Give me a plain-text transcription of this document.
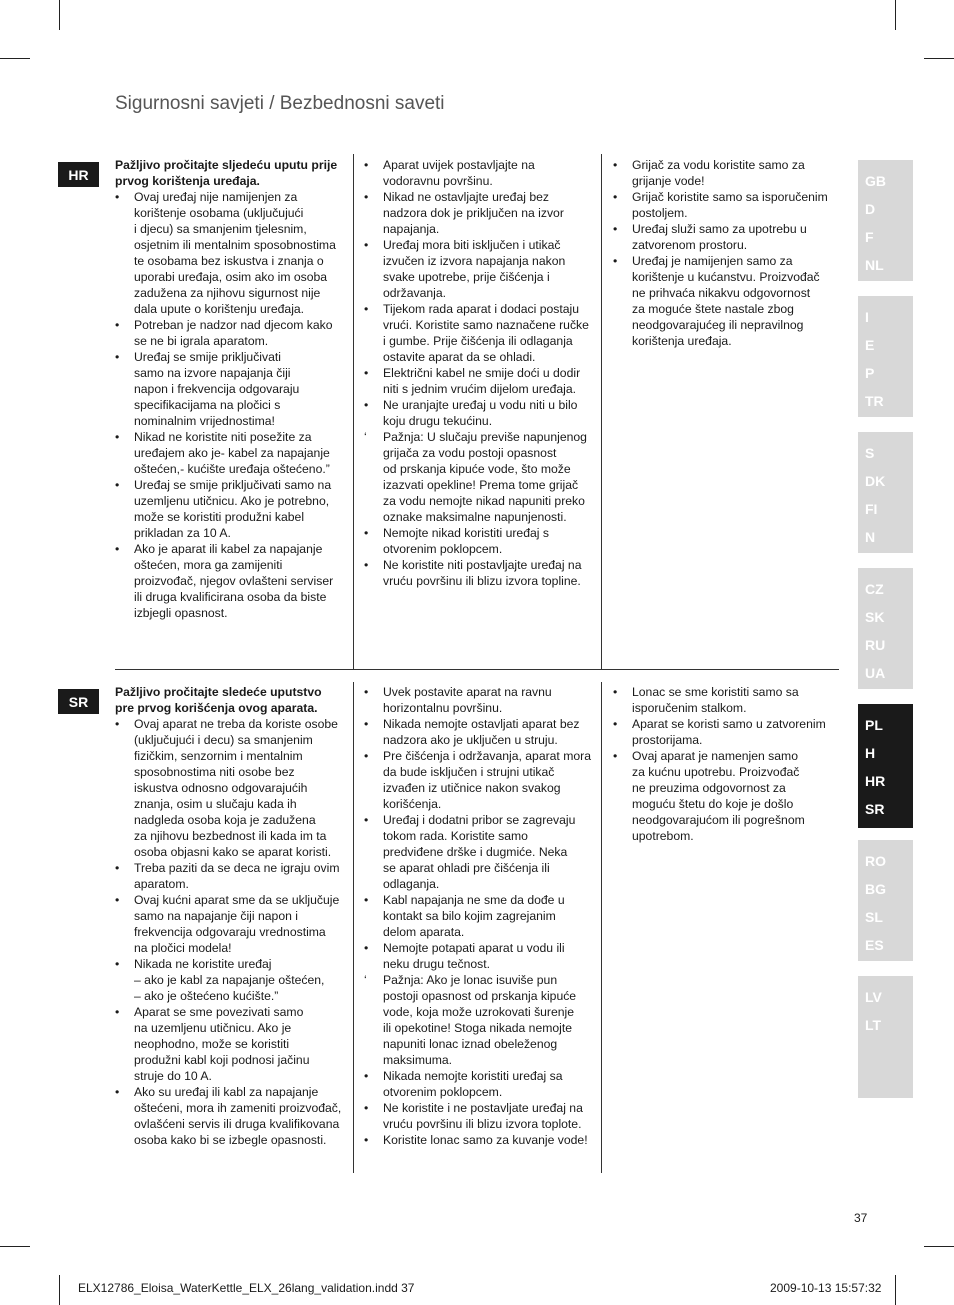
Sigurnosni savjeti / Bezbednosni saveti
HR

Pažljivo pročitajte sljedeću uputu prije
prvog korištenja uređaja.

• Ovaj uređaj nije namijenjen za
korištenje osobama (uključujući
i djecu) sa smanjenim tjelesnim,
osjetnim ili mentalnim sposobnostima
te osobama bez iskustva i znanja o
uporabi uređaja, osim ako im osoba
zadužena za njihovu sigurnost nije
dala upute o korištenju uređaja.
• Potreban je nadzor nad djecom kako
se ne bi igrala aparatom.
• Uređaj se smije priključivati
samo na izvore napajanja čiji
napon i frekvencija odgovaraju
specifikacijama na pločici s
nominalnim vrijednostima!
• Nikad ne koristite niti posežite za
uređajem ako je- kabel za napajanje
oštećen,- kućište uređaja oštećeno.”
• Uređaj se smije priključivati samo na
uzemljenu utičnicu. Ako je potrebno,
može se koristiti produžni kabel
prikladan za 10 A.
• Ako je aparat ili kabel za napajanje
oštećen, mora ga zamijeniti
proizvođač, njegov ovlašteni serviser
ili druga kvalificirana osoba da biste
izbjegli opasnost.
• Aparat uvijek postavljajte na
vodoravnu površinu.
• Nikad ne ostavljajte uređaj bez
nadzora dok je priključen na izvor
napajanja.
• Uređaj mora biti isključen i utikač
izvučen iz izvora napajanja nakon
svake upotrebe, prije čišćenja i
održavanja.
• Tijekom rada aparat i dodaci postaju
vrući. Koristite samo naznačene ručke
i gumbe. Prije čišćenja ili odlaganja
ostavite aparat da se ohladi.
• Električni kabel ne smije doći u dodir
niti s jednim vrućim dijelom uređaja.
• Ne uranjajte uređaj u vodu niti u bilo
koju drugu tekućinu.
‘ Pažnja: U slučaju previše napunjenog
grijača za vodu postoji opasnost
od prskanja kipuće vode, što može
izazvati opekline! Prema tome grijač
za vodu nemojte nikad napuniti preko
oznake maksimalne napunjenosti.
• Nemojte nikad koristiti uređaj s
otvorenim poklopcem.
• Ne koristite niti postavljajte uređaj na
vruću površinu ili blizu izvora topline.
• Grijač za vodu koristite samo za
grijanje vode!
• Grijač koristite samo sa isporučenim
postoljem.
• Uređaj služi samo za upotrebu u
zatvorenom prostoru.
• Uređaj je namijenjen samo za
korištenje u kućanstvu. Proizvođač
ne prihvaća nikakvu odgovornost
za moguće štete nastale zbog
neodgovarajućeg ili nepravilnog
korištenja uređaja.
SR

Pažljivo pročitajte sledeće uputstvo
pre prvog korišćenja ovog aparata.

• Ovaj aparat ne treba da koriste osobe
(uključujući i decu) sa smanjenim
fizičkim, senzornim i mentalnim
sposobnostima niti osobe bez
iskustva odnosno odgovarajućih
znanja, osim u slučaju kada ih
nadgleda osoba koja je zadužena
za njihovu bezbednost ili kada im ta
osoba objasni kako se aparat koristi.
• Treba paziti da se deca ne igraju ovim
aparatom.
• Ovaj kućni aparat sme da se uključuje
samo na napajanje čiji napon i
frekvencija odgovaraju vrednostima
na pločici modela!
• Nikada ne koristite uređaj
– ako je kabl za napajanje oštećen,
– ako je oštećeno kućište.”
• Aparat se sme povezivati samo
na uzemljenu utičnicu. Ako je
neophodno, može se koristiti
produžni kabl koji podnosi jačinu
struje do 10 A.
• Ako su uređaj ili kabl za napajanje
oštećeni, mora ih zameniti proizvođač,
ovlašćeni servis ili druga kvalifikovana
osoba kako bi se izbegle opasnosti.
• Uvek postavite aparat na ravnu
horizontalnu površinu.
• Nikada nemojte ostavljati aparat bez
nadzora ako je uključen u struju.
• Pre čišćenja i održavanja, aparat mora
da bude isključen i strujni utikač
izvađen iz utičnice nakon svakog
korišćenja.
• Uređaj i dodatni pribor se zagrevaju
tokom rada. Koristite samo
predviđene drške i dugmiće. Neka
se aparat ohladi pre čišćenja ili
odlaganja.
• Kabl napajanja ne sme da dođe u
kontakt sa bilo kojim zagrejanim
delom aparata.
• Nemojte potapati aparat u vodu ili
neku drugu tečnost.
‘ Pažnja: Ako je lonac isuviše pun
postoji opasnost od prskanja kipuće
vode, koja može uzrokovati šurenje
ili opekotine! Stoga nikada nemojte
napuniti lonac iznad obeleženog
maksimuma.
• Nikada nemojte koristiti uređaj sa
otvorenim poklopcem.
• Ne koristite i ne postavljate uređaj na
vruću površinu ili blizu izvora toplote.
• Koristite lonac samo za kuvanje vode!
• Lonac se sme koristiti samo sa
isporučenim stalkom.
• Aparat se koristi samo u zatvorenim
prostorijama.
• Ovaj aparat je namenjen samo
za kućnu upotrebu. Proizvođač
ne preuzima odgovornost za
moguću štetu do koje je došlo
neodgovarajućom ili pogrešnom
upotrebom.
GB
D
F
NL
I
E
P
TR
S
DK
FI
N
CZ
SK
RU
UA
PL
H
HR
SR
RO
BG
SL
ES
LV
LT
37
ELX12786_Eloisa_WaterKettle_ELX_26lang_validation.indd 37	2009-10-13 15:57:32
